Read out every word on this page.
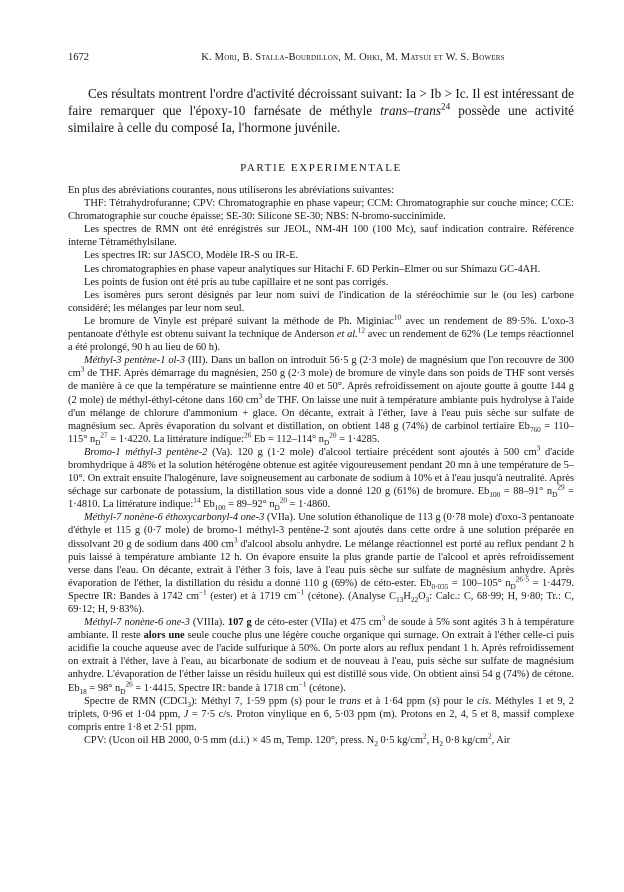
1672	K. Mori, B. Stalla-Bourdillon, M. Ohki, M. Matsui et W. S. Bowers

Ces résultats montrent l'ordre d'activité décroissant suivant: Ia > Ib > Ic. Il est intéressant de faire remarquer que l'époxy-10 farnésate de méthyle trans–trans$^{24}$ possède une activité similaire à celle du composé Ia, l'hormone juvénile.

PARTIE EXPERIMENTALE

En plus des abréviations courantes, nous utiliserons les abréviations suivantes:

THF: Tétrahydrofuranne; CPV: Chromatographie en phase vapeur; CCM: Chromatographie sur couche mince; CCE: Chromatographie sur couche épaisse; SE-30: Silicone SE-30; NBS: N-bromo-succinimide.

Les spectres de RMN ont été enrégistrés sur JEOL, NM-4H 100 (100 Mc), sauf indication contraire. Référence interne Tétraméthylsilane.

Les spectres IR: sur JASCO, Modèle IR-S ou IR-E.

Les chromatographies en phase vapeur analytiques sur Hitachi F. 6D Perkin–Elmer ou sur Shimazu GC-4AH.

Les points de fusion ont été pris au tube capillaire et ne sont pas corrigés.

Les isomères purs seront désignés par leur nom suivi de l'indication de la stéréochimie sur le (ou les) carbone considéré; les mélanges par leur nom seul.

Le bromure de Vinyle est préparé suivant la méthode de Ph. Miginiac$^{10}$ avec un rendement de 89·5%. L'oxo-3 pentanoate d'éthyle est obtenu suivant la technique de Anderson et al.$^{12}$ avec un rendement de 62% (Le temps réactionnel a été prolongé, 90 h au lieu de 60 h).

Méthyl-3 pentène-1 ol-3 (III). Dans un ballon on introduit 56·5 g (2·3 mole) de magnésium que l'on recouvre de 300 $cm^3$ de THF. Après démarrage du magnésien, 250 g (2·3 mole) de bromure de vinyle dans son poids de THF sont versés de manière à ce que la température se maintienne entre 40 et 50°. Après refroidissement on ajoute goutte à goutte 144 g (2 mole) de méthyl-éthyl-cétone dans 160 $cm^3$ de THF. On laisse une nuit à température ambiante puis hydrolyse à l'aide d'un mélange de chlorure d'ammonium + glace. On décante, extrait à l'éther, lave à l'eau puis sèche sur sulfate de magnésium sec. Après évaporation du solvant et distillation, on obtient 148 g (74%) de carbinol tertiaire $Eb_{760} = 110-115^\circ$ $n_D^{27} = 1\cdot 4220$. La littérature indique:$^{26}$ Eb = 112–114° $n_D^{20} = 1\cdot 4285$.

Bromo-1 méthyl-3 pentène-2 (Va). 120 g (1·2 mole) d'alcool tertiaire précédent sont ajoutés à 500 $cm^3$ d'acide bromhydrique à 48% et la solution hétérogène obtenue est agitée vigoureusement pendant 20 mn à une température de 5–10°. On extrait ensuite l'halogénure, lave soigneusement au carbonate de sodium à 10% et à l'eau jusqu'à neutralité. Après séchage sur carbonate de potassium, la distillation sous vide a donné 120 g (61%) de bromure. $Eb_{100} = 88-91^\circ$ $n_D^{29} = 1\cdot 4810$. La littérature indique:$^{14}$ $Eb_{100} = 89-92^\circ$ $n_D^{20} = 1\cdot 4860$.

Méthyl-7 nonène-6 éthoxycarbonyl-4 one-3 (VIIa). Une solution éthanolique de 113 g (0·78 mole) d'oxo-3 pentanoate d'éthyle et 115 g (0·7 mole) de bromo-1 méthyl-3 pentène-2 sont ajoutés dans cette ordre à une solution préparée en dissolvant 20 g de sodium dans 400 $cm^3$ d'alcool absolu anhydre. Le mélange réactionnel est porté au reflux pendant 2 h puis laissé à température ambiante 12 h. On évapore ensuite la plus grande partie de l'alcool et après refroidissement verse dans l'eau. On décante, extrait à l'éther 3 fois, lave à l'eau puis sèche sur sulfate de magnésium anhydre. Après évaporation de l'éther, la distillation du résidu a donné 110 g (69%) de céto-ester. $Eb_{0\cdot 035} = 100-105^\circ$ $n_D^{26\cdot 5} = 1\cdot 4479$. Spectre IR: Bandes à 1742 $cm^{-1}$ (ester) et à 1719 $cm^{-1}$ (cétone). (Analyse $C_{13}H_{22}O_3$: Calc.: C, 68·99; H, 9·80; Tr.: C, 69·12; H, 9·83%).

Méthyl-7 nonène-6 one-3 (VIIIa). 107 g de céto-ester (VIIa) et 475 $cm^3$ de soude à 5% sont agités 3 h à température ambiante. Il reste alors une seule couche plus une légère couche organique qui surnage. On extrait à l'éther celle-ci puis acidifie la couche aqueuse avec de l'acide sulfurique à 50%. On porte alors au reflux pendant 1 h. Après refroidissement on extrait à l'éther, lave à l'eau, au bicarbonate de sodium et de nouveau à l'eau, puis sèche sur sulfate de magnésium anhydre. L'évaporation de l'éther laisse un résidu huileux qui est distillé sous vide. On obtient ainsi 54 g (74%) de cétone. $Eb_{18} = 98^\circ$ $n_D^{26} = 1\cdot 4415$. Spectre IR: bande à 1718 $cm^{-1}$ (cétone).

Spectre de RMN (CDCl$_3$): Méthyl 7, 1·59 ppm (s) pour le trans et à 1·64 ppm (s) pour le cis. Méthyles 1 et 9, 2 triplets, 0·96 et 1·04 ppm, J = 7·5 c/s. Proton vinylique en 6, 5·03 ppm (m). Protons en 2, 4, 5 et 8, massif complexe compris entre 1·8 et 2·51 ppm.

CPV: (Ucon oil HB 2000, 0·5 mm (d.i.) × 45 m, Temp. 120°, press. $N_2$ 0·5 $kg/cm^2$, $H_2$ 0·8 $kg/cm^2$, Air
